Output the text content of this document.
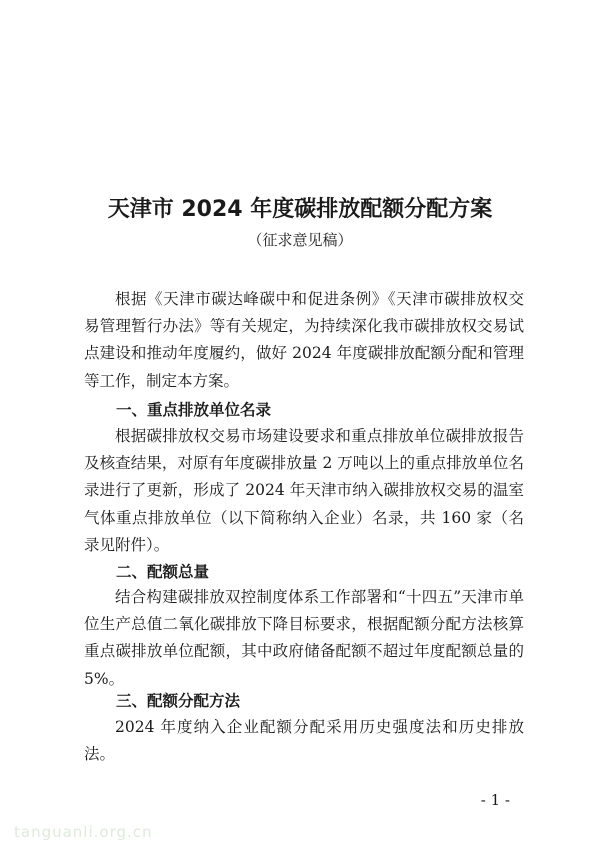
天津市 2024 年度碳排放配额分配方案

（征求意见稿）

根据《天津市碳达峰碳中和促进条例》《天津市碳排放权交易管理暂行办法》等有关规定，为持续深化我市碳排放权交易试点建设和推动年度履约，做好 2024 年度碳排放配额分配和管理等工作，制定本方案。

一、重点排放单位名录

根据碳排放权交易市场建设要求和重点排放单位碳排放报告及核查结果，对原有年度碳排放量 2 万吨以上的重点排放单位名录进行了更新，形成了 2024 年天津市纳入碳排放权交易的温室气体重点排放单位（以下简称纳入企业）名录，共 160 家（名录见附件）。

二、配额总量

结合构建碳排放双控制度体系工作部署和“十四五”天津市单位生产总值二氧化碳排放下降目标要求，根据配额分配方法核算重点碳排放单位配额，其中政府储备配额不超过年度配额总量的 5%。

三、配额分配方法

2024 年度纳入企业配额分配采用历史强度法和历史排放法。

- 1 -

tanguanli.org.cn
